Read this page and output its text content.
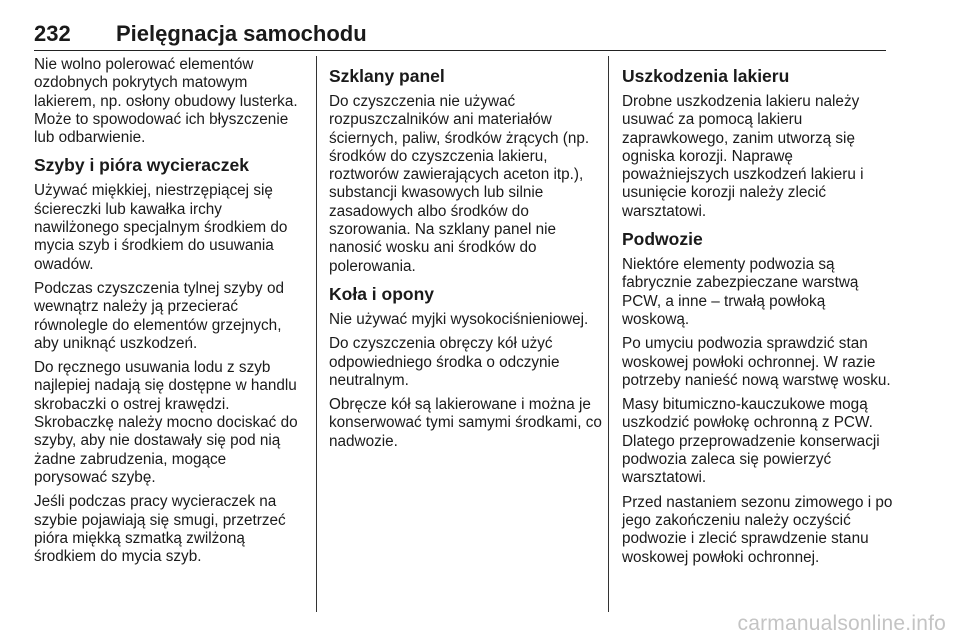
232 Pielęgnacja samochodu

Nie wolno polerować elementów ozdobnych pokrytych matowym lakierem, np. osłony obudowy lusterka. Może to spowodować ich błyszczenie lub odbarwienie.

Szyby i pióra wycieraczek

Używać miękkiej, niestrzępiącej się ściereczki lub kawałka irchy nawilżonego specjalnym środkiem do mycia szyb i środkiem do usuwania owadów.

Podczas czyszczenia tylnej szyby od wewnątrz należy ją przecierać równolegle do elementów grzejnych, aby uniknąć uszkodzeń.

Do ręcznego usuwania lodu z szyb najlepiej nadają się dostępne w handlu skrobaczki o ostrej krawędzi. Skrobaczkę należy mocno dociskać do szyby, aby nie dostawały się pod nią żadne zabrudzenia, mogące porysować szybę.

Jeśli podczas pracy wycieraczek na szybie pojawiają się smugi, przetrzeć pióra miękką szmatką zwilżoną środkiem do mycia szyb.

Szklany panel

Do czyszczenia nie używać rozpuszczalników ani materiałów ściernych, paliw, środków żrących (np. środków do czyszczenia lakieru, roztworów zawierających aceton itp.), substancji kwasowych lub silnie zasadowych albo środków do szorowania. Na szklany panel nie nanosić wosku ani środków do polerowania.

Koła i opony

Nie używać myjki wysokociśnieniowej.

Do czyszczenia obręczy kół użyć odpowiedniego środka o odczynie neutralnym.

Obręcze kół są lakierowane i można je konserwować tymi samymi środkami, co nadwozie.

Uszkodzenia lakieru

Drobne uszkodzenia lakieru należy usuwać za pomocą lakieru zaprawkowego, zanim utworzą się ogniska korozji. Naprawę poważniejszych uszkodzeń lakieru i usunięcie korozji należy zlecić warsztatowi.

Podwozie

Niektóre elementy podwozia są fabrycznie zabezpieczane warstwą PCW, a inne – trwałą powłoką woskową.

Po umyciu podwozia sprawdzić stan woskowej powłoki ochronnej. W razie potrzeby nanieść nową warstwę wosku.

Masy bitumiczno-kauczukowe mogą uszkodzić powłokę ochronną z PCW. Dlatego przeprowadzenie konserwacji podwozia zaleca się powierzyć warsztatowi.

Przed nastaniem sezonu zimowego i po jego zakończeniu należy oczyścić podwozie i zlecić sprawdzenie stanu woskowej powłoki ochronnej.

carmanualsonline.info
